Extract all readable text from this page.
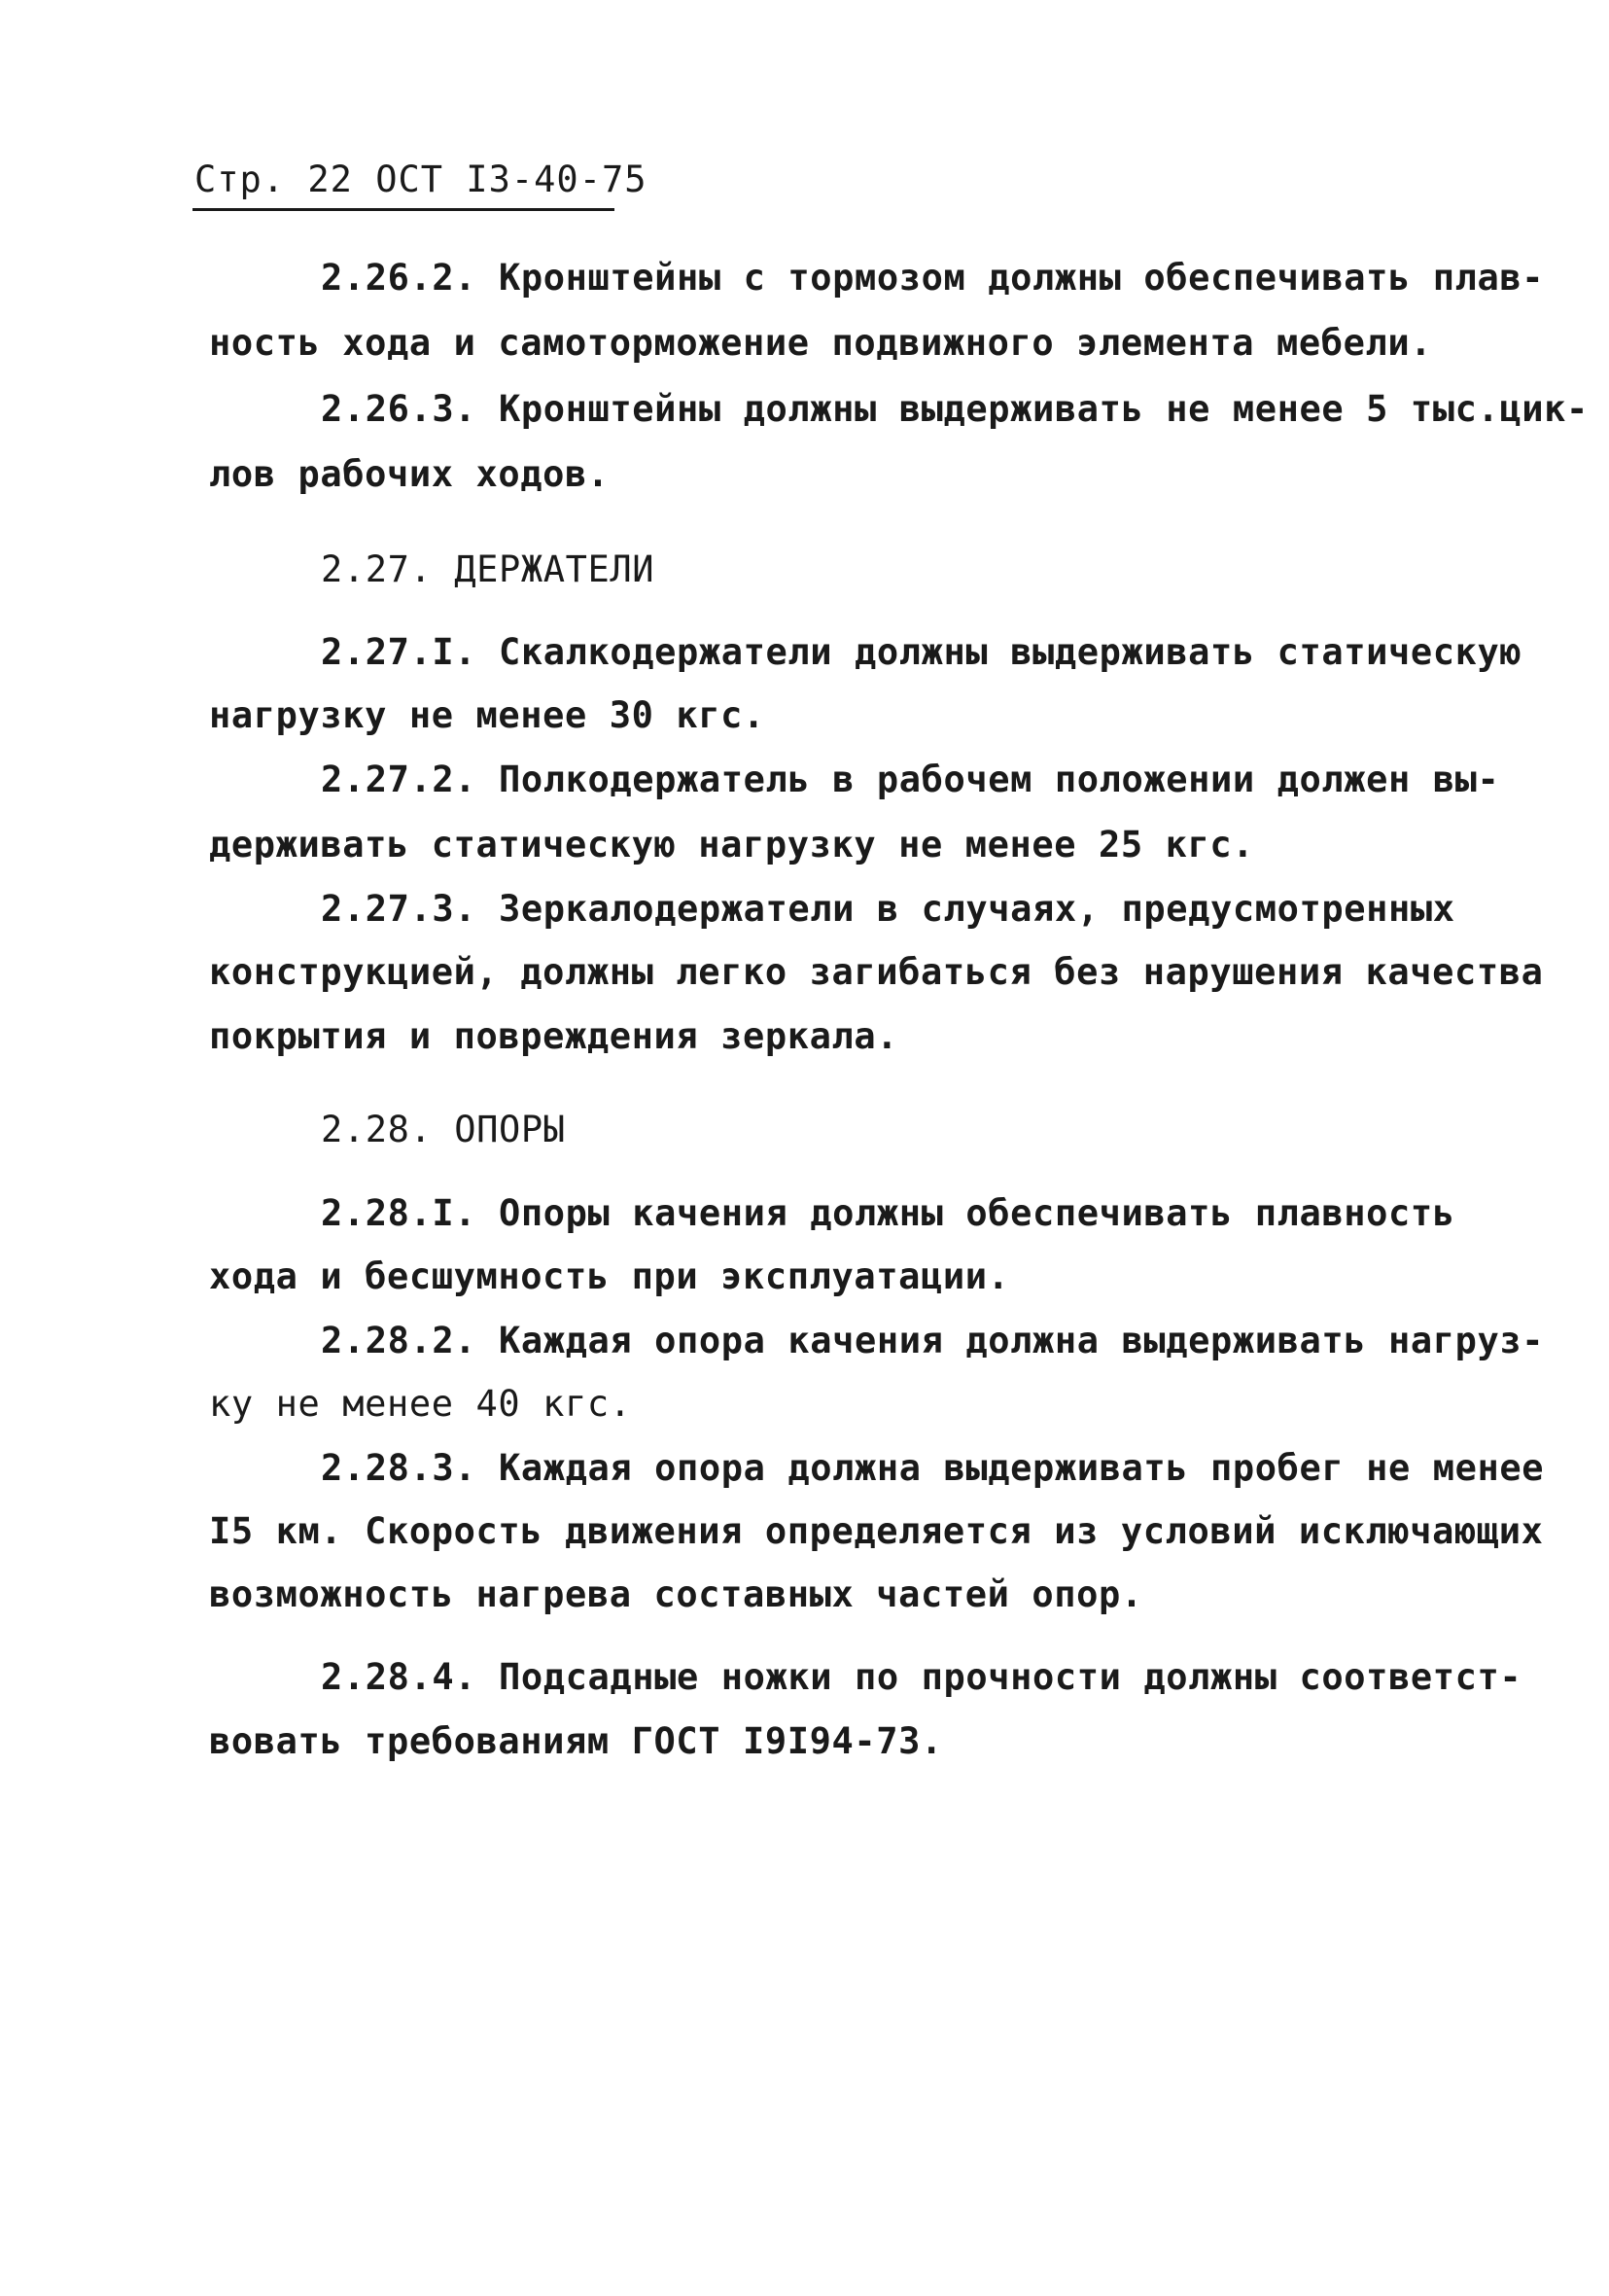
Стр. 22 ОСТ I3-40-75
2.26.2. Кронштейны с тормозом должны обеспечивать плав-
ность хода и самоторможение подвижного элемента мебели.
2.26.3. Кронштейны должны выдерживать не менее 5 тыс.цик-
лов рабочих ходов.
2.27. ДЕРЖАТЕЛИ
2.27.I. Скалкодержатели должны выдерживать статическую
нагрузку не менее 30 кгс.
2.27.2. Полкодержатель в рабочем положении должен вы-
держивать статическую нагрузку не менее 25 кгс.
2.27.3. Зеркалодержатели в случаях, предусмотренных
конструкцией, должны легко загибаться без нарушения качества
покрытия и повреждения зеркала.
2.28. ОПОРЫ
2.28.I. Опоры качения должны обеспечивать плавность
хода и бесшумность при эксплуатации.
2.28.2. Каждая опора качения должна выдерживать нагруз-
ку не менее 40 кгс.
2.28.3. Каждая опора должна выдерживать пробег не менее
I5 км. Скорость движения определяется из условий исключающих
возможность нагрева составных частей опор.
2.28.4. Подсадные ножки по прочности должны соответст-
вовать требованиям ГОСТ I9I94-73.
